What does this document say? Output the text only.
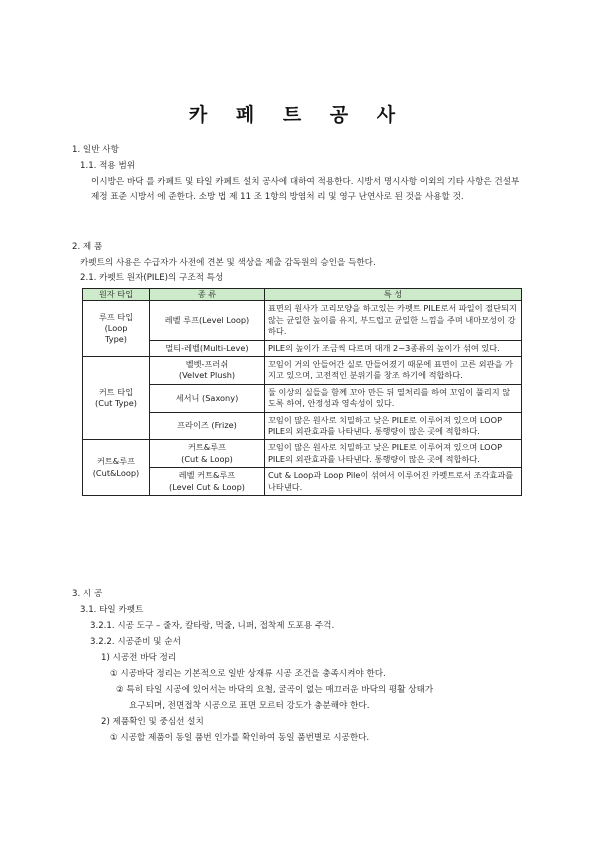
카 페 트 공 사
1. 일반 사항
1.1. 적용 범위
이시방은 바닥 를 카페트 및 타일 카페트 설치 공사에 대하여 적용한다. 시방서 명시사항 이외의 기타 사항은 건설부 제정 표준 시방서 에 준한다. 소방 법 제 11 조 1항의 방염처 리 및 영구 난연사로 된 것을 사용할 것.
2. 제 품
카펫트의 사용은 수급자가 사전에 견본 및 색상을 제출 감독원의 승인을 득한다.
2.1. 카펫트 원자(PILE)의 구조적 특성
원자 타입	종 류	특 성
루프 타입
(Loop
Type)	레벨 루프(Level Loop)	표면의 원사가 고리모양을 하고있는 카펫트 PILE로서 파일이 절단되지 않는 균일한 높이를 유지, 부드럽고 균일한 느낌을 주며 내마모성이 강하다.
	멀티-레벨(Multi-Leve)	PILE의 높이가 조금씩 다르며 대개 2~3종류의 높이가 섞여 있다.
커트 타입
(Cut Type)	벨벳-프러쉬
(Velvet Plush)	꼬임이 거의 안들어간 실로 만들어졌기 때문에 표면이 고른 외관을 가지고 있으며, 고전적인 분위기를 창조 하기에 적합하다.
	세서니 (Saxony)	둘 이상의 실들을 함께 꼬아 만든 뒤 열처리를 하여 꼬임이 풀리지 않도록 하여, 안정성과 영속성이 있다.
	프라이즈 (Frize)	꼬임이 많은 원사로 치밀하고 낮은 PILE로 이루어져 있으며 LOOP PILE의 외관효과를 나타낸다. 통행량이 많은 곳에 적합하다.
커트&루프
(Cut&Loop)	커트&루프
(Cut & Loop)	꼬임이 많은 원사로 치밀하고 낮은 PILE로 이루어져 있으며 LOOP PILE의 외관효과를 나타낸다. 통행량이 많은 곳에 적합하다.
	레벨 커트&루프
(Level Cut & Loop)	Cut & Loop과 Loop Pile이 섞여서 이루어진 카펫트로서 조각효과를 나타낸다.
3. 시 공
3.1. 타일 카펫트
3.2.1. 시공 도구 – 줄자, 칼타랑, 먹줄, 니퍼, 접착제 도포용 주걱.
3.2.2. 시공준비 및 순서
1) 시공전 바닥 정리
① 시공바닥 정리는 기본적으로 일반 상재류 시공 조건을 충족시켜야 한다.
② 특히 타일 시공에 있어서는 바닥의 요철, 굴곡이 없는 매끄러운 바닥의 평활 상태가
요구되며, 전면접착 시공으로 표면 모르터 강도가 충분해야 한다.
2) 제품확인 및 중심선 설치
① 시공할 제품이 동일 품번 인가를 확인하여 동일 품번별로 시공한다.
